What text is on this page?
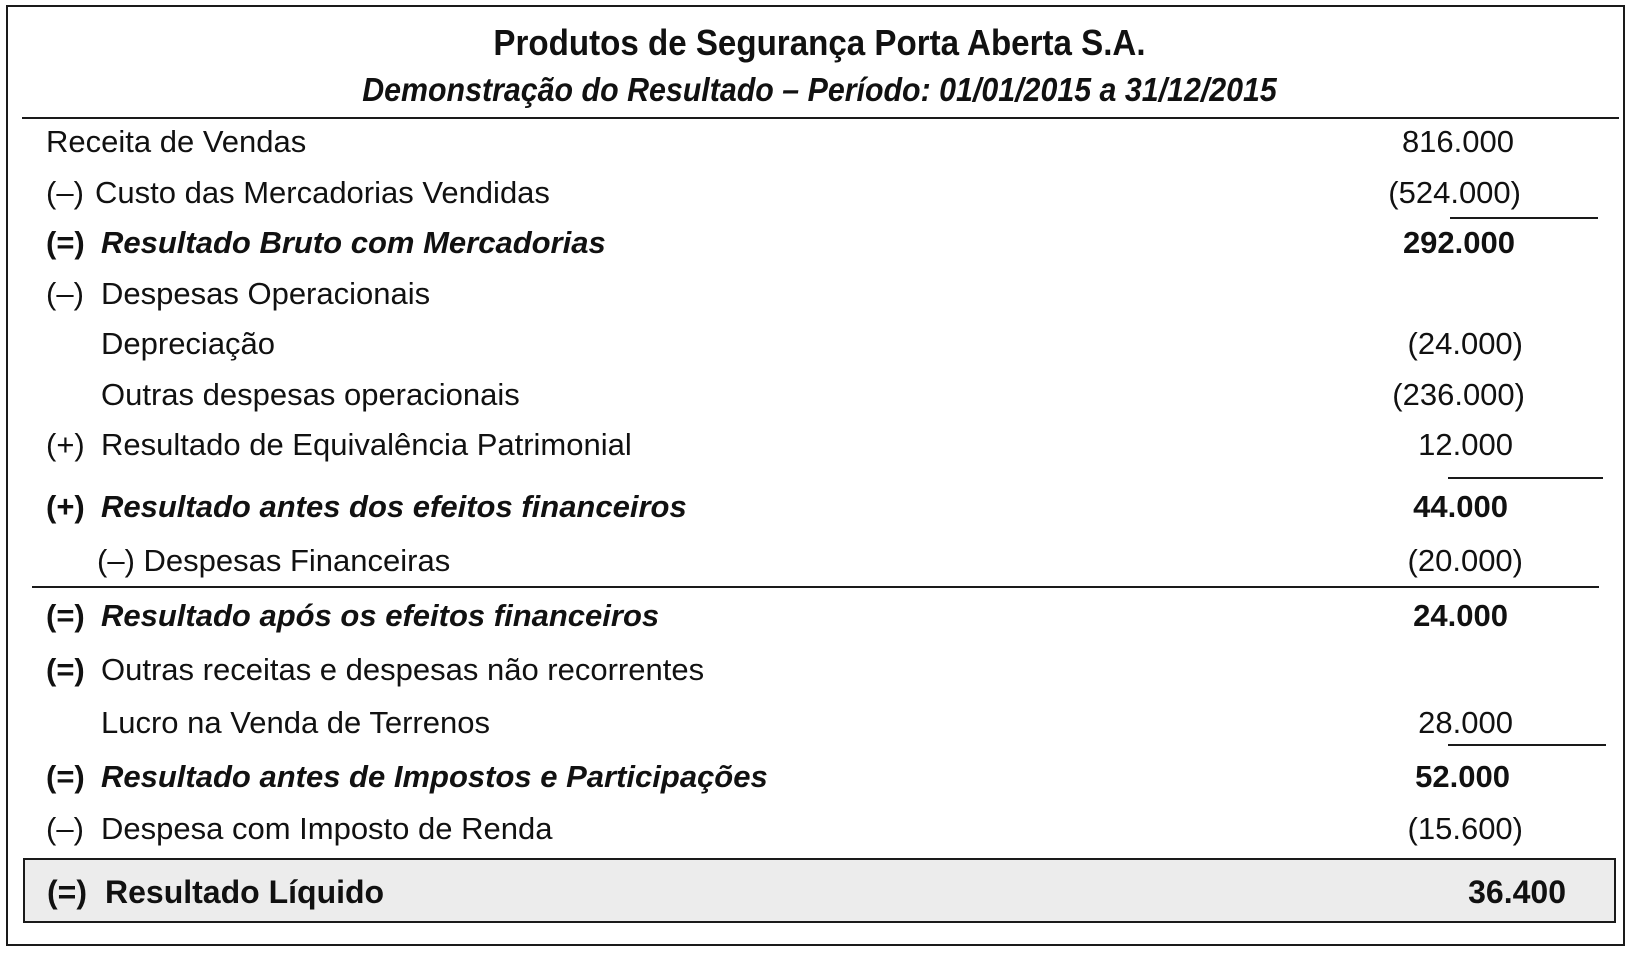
Produtos de Segurança Porta Aberta S.A.
Demonstração do Resultado – Período: 01/01/2015 a 31/12/2015
Receita de Vendas	816.000
(–) Custo das Mercadorias Vendidas	(524.000)
(=) Resultado Bruto com Mercadorias	292.000
(–) Despesas Operacionais
Depreciação	(24.000)
Outras despesas operacionais	(236.000)
(+) Resultado de Equivalência Patrimonial	12.000
(+) Resultado antes dos efeitos financeiros	44.000
(–) Despesas Financeiras	(20.000)
(=) Resultado após os efeitos financeiros	24.000
(=) Outras receitas e despesas não recorrentes
Lucro na Venda de Terrenos	28.000
(=) Resultado antes de Impostos e Participações	52.000
(–) Despesa com Imposto de Renda	(15.600)
(=) Resultado Líquido	36.400
